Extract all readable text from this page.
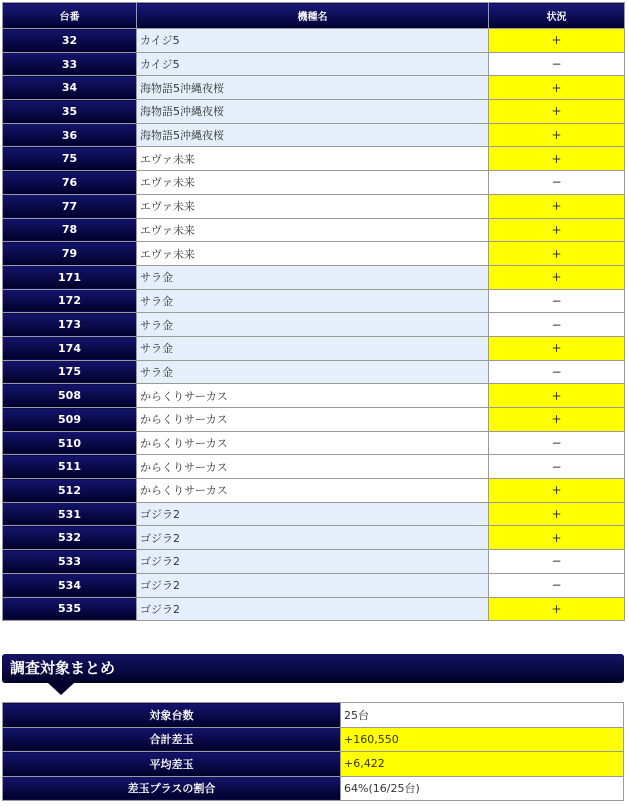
台番	機種名	状況
32	カイジ5	+
33	カイジ5	−
34	海物語5沖縄夜桜	+
35	海物語5沖縄夜桜	+
36	海物語5沖縄夜桜	+
75	エヴァ未来	+
76	エヴァ未来	−
77	エヴァ未来	+
78	エヴァ未来	+
79	エヴァ未来	+
171	サラ金	+
172	サラ金	−
173	サラ金	−
174	サラ金	+
175	サラ金	−
508	からくりサーカス	+
509	からくりサーカス	+
510	からくりサーカス	−
511	からくりサーカス	−
512	からくりサーカス	+
531	ゴジラ2	+
532	ゴジラ2	+
533	ゴジラ2	−
534	ゴジラ2	−
535	ゴジラ2	+
調査対象まとめ
対象台数	25台
合計差玉	+160,550
平均差玉	+6,422
差玉プラスの割合	64%(16/25台)
